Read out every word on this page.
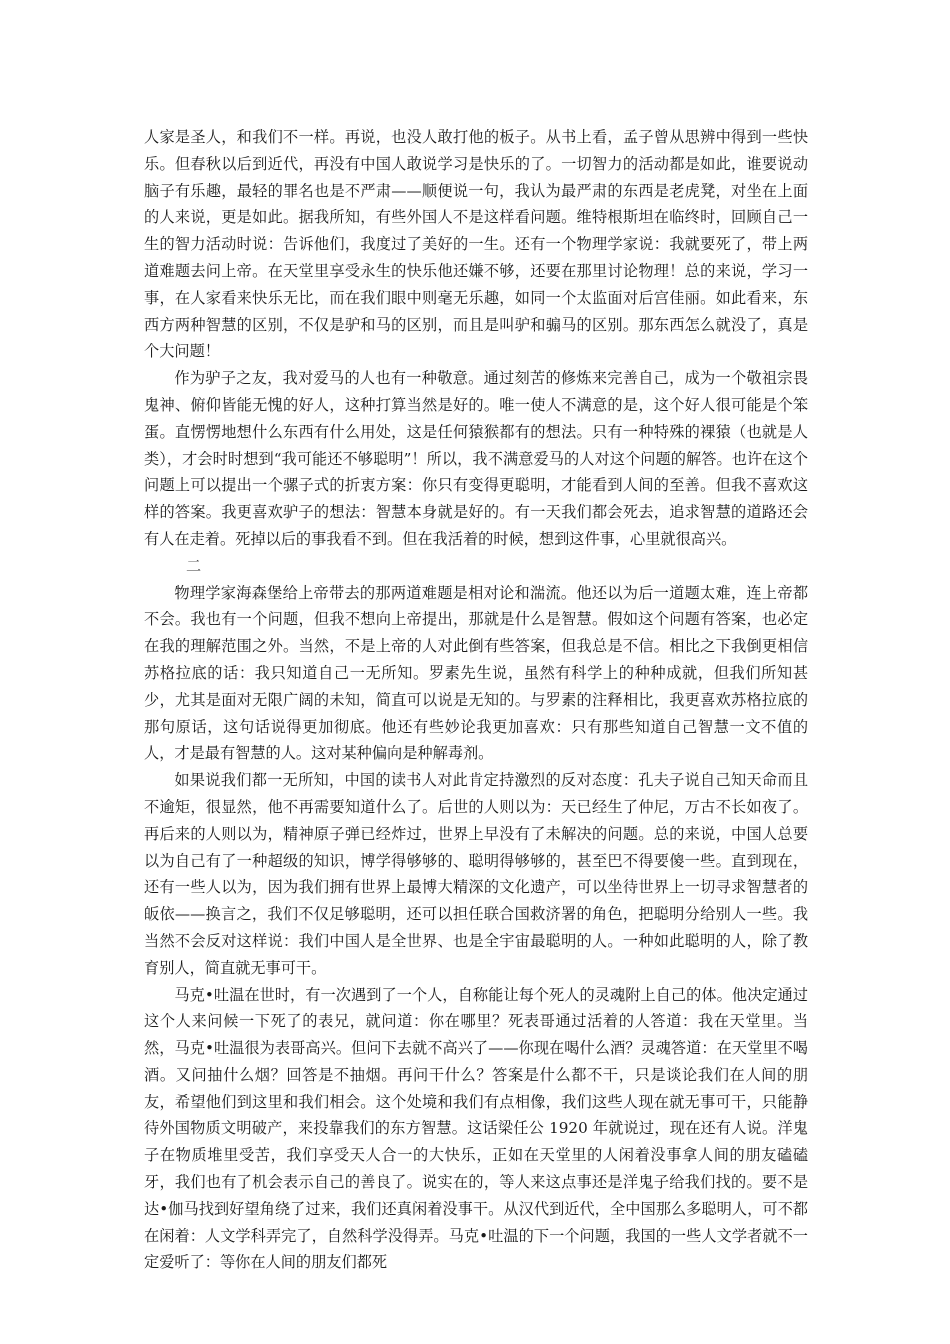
人家是圣人，和我们不一样。再说，也没人敢打他的板子。从书上看，孟子曾从思辨中得到一些快乐。但春秋以后到近代，再没有中国人敢说学习是快乐的了。一切智力的活动都是如此，谁要说动脑子有乐趣，最轻的罪名也是不严肃——顺便说一句，我认为最严肃的东西是老虎凳，对坐在上面的人来说，更是如此。据我所知，有些外国人不是这样看问题。维特根斯坦在临终时，回顾自己一生的智力活动时说：告诉他们，我度过了美好的一生。还有一个物理学家说：我就要死了，带上两道难题去问上帝。在天堂里享受永生的快乐他还嫌不够，还要在那里讨论物理！总的来说，学习一事，在人家看来快乐无比，而在我们眼中则毫无乐趣，如同一个太监面对后宫佳丽。如此看来，东西方两种智慧的区别，不仅是驴和马的区别，而且是叫驴和骟马的区别。那东西怎么就没了，真是个大问题！

作为驴子之友，我对爱马的人也有一种敬意。通过刻苦的修炼来完善自己，成为一个敬祖宗畏鬼神、俯仰皆能无愧的好人，这种打算当然是好的。唯一使人不满意的是，这个好人很可能是个笨蛋。直愣愣地想什么东西有什么用处，这是任何猿猴都有的想法。只有一种特殊的裸猿（也就是人类），才会时时想到“我可能还不够聪明”！所以，我不满意爱马的人对这个问题的解答。也许在这个问题上可以提出一个骡子式的折衷方案：你只有变得更聪明，才能看到人间的至善。但我不喜欢这样的答案。我更喜欢驴子的想法：智慧本身就是好的。有一天我们都会死去，追求智慧的道路还会有人在走着。死掉以后的事我看不到。但在我活着的时候，想到这件事，心里就很高兴。

二

物理学家海森堡给上帝带去的那两道难题是相对论和湍流。他还以为后一道题太难，连上帝都不会。我也有一个问题，但我不想向上帝提出，那就是什么是智慧。假如这个问题有答案，也必定在我的理解范围之外。当然，不是上帝的人对此倒有些答案，但我总是不信。相比之下我倒更相信苏格拉底的话：我只知道自己一无所知。罗素先生说，虽然有科学上的种种成就，但我们所知甚少，尤其是面对无限广阔的未知，简直可以说是无知的。与罗素的注释相比，我更喜欢苏格拉底的那句原话，这句话说得更加彻底。他还有些妙论我更加喜欢：只有那些知道自己智慧一文不值的人，才是最有智慧的人。这对某种偏向是种解毒剂。

如果说我们都一无所知，中国的读书人对此肯定持激烈的反对态度：孔夫子说自己知天命而且不逾矩，很显然，他不再需要知道什么了。后世的人则以为：天已经生了仲尼，万古不长如夜了。再后来的人则以为，精神原子弹已经炸过，世界上早没有了未解决的问题。总的来说，中国人总要以为自己有了一种超级的知识，博学得够够的、聪明得够够的，甚至巴不得要傻一些。直到现在，还有一些人以为，因为我们拥有世界上最博大精深的文化遗产，可以坐待世界上一切寻求智慧者的皈依——换言之，我们不仅足够聪明，还可以担任联合国救济署的角色，把聪明分给别人一些。我当然不会反对这样说：我们中国人是全世界、也是全宇宙最聪明的人。一种如此聪明的人，除了教育别人，简直就无事可干。

马克•吐温在世时，有一次遇到了一个人，自称能让每个死人的灵魂附上自己的体。他决定通过这个人来问候一下死了的表兄，就问道：你在哪里？死表哥通过活着的人答道：我在天堂里。当然，马克•吐温很为表哥高兴。但问下去就不高兴了——你现在喝什么酒？灵魂答道：在天堂里不喝酒。又问抽什么烟？回答是不抽烟。再问干什么？答案是什么都不干，只是谈论我们在人间的朋友，希望他们到这里和我们相会。这个处境和我们有点相像，我们这些人现在就无事可干，只能静待外国物质文明破产，来投靠我们的东方智慧。这话梁任公 1920 年就说过，现在还有人说。洋鬼子在物质堆里受苦，我们享受天人合一的大快乐，正如在天堂里的人闲着没事拿人间的朋友磕磕牙，我们也有了机会表示自己的善良了。说实在的，等人来这点事还是洋鬼子给我们找的。要不是达•伽马找到好望角绕了过来，我们还真闲着没事干。从汉代到近代，全中国那么多聪明人，可不都在闲着：人文学科弄完了，自然科学没得弄。马克•吐温的下一个问题，我国的一些人文学者就不一定爱听了：等你在人间的朋友们都死
